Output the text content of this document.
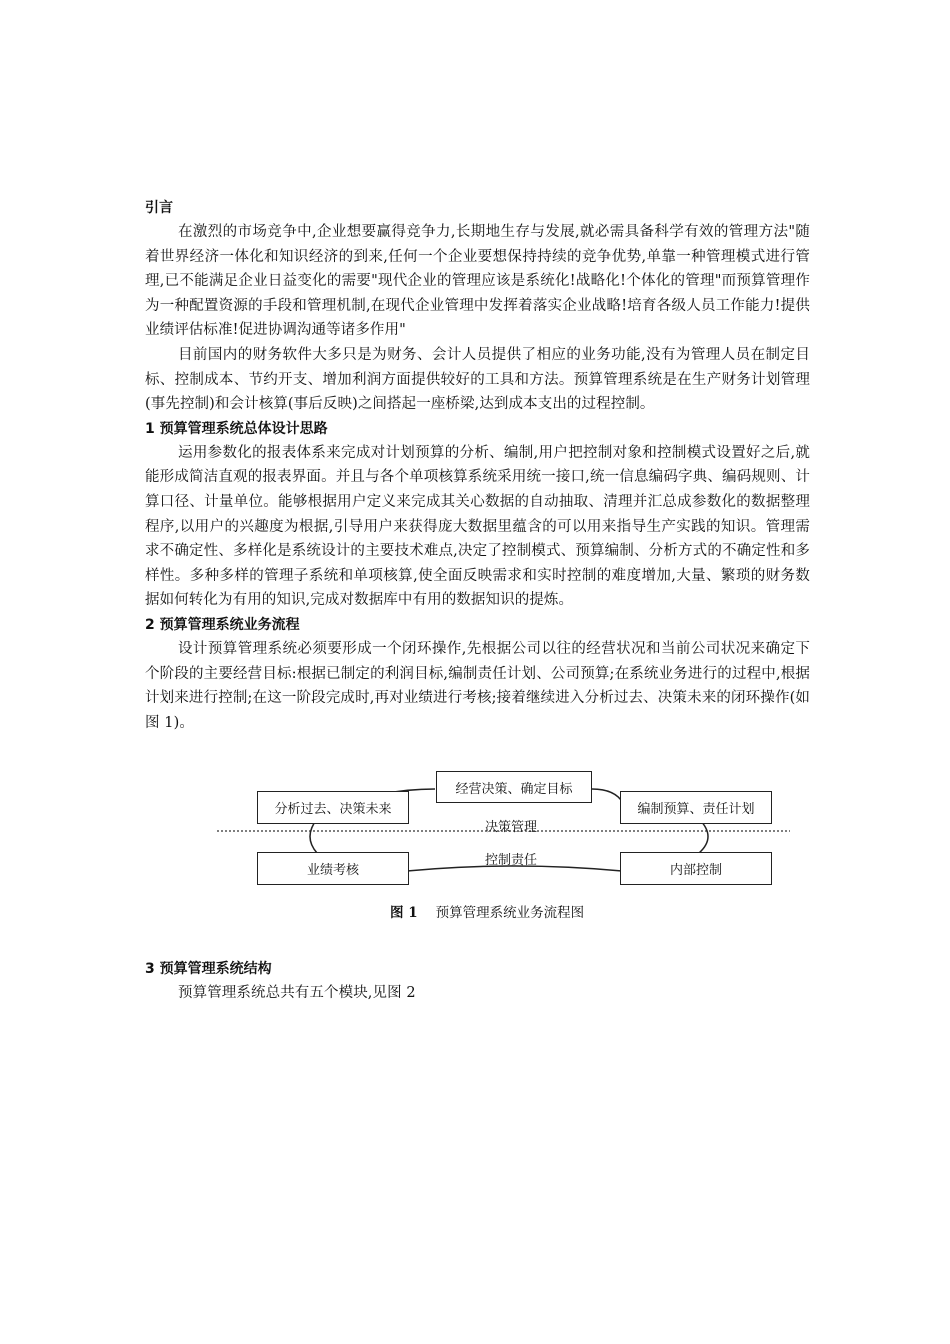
引言

在激烈的市场竞争中,企业想要赢得竞争力,长期地生存与发展,就必需具备科学有效的管理方法"随着世界经济一体化和知识经济的到来,任何一个企业要想保持持续的竞争优势,单靠一种管理模式进行管理,已不能满足企业日益变化的需要"现代企业的管理应该是系统化!战略化!个体化的管理"而预算管理作为一种配置资源的手段和管理机制,在现代企业管理中发挥着落实企业战略!培育各级人员工作能力!提供业绩评估标准!促进协调沟通等诸多作用"

目前国内的财务软件大多只是为财务、会计人员提供了相应的业务功能,没有为管理人员在制定目标、控制成本、节约开支、增加利润方面提供较好的工具和方法。预算管理系统是在生产财务计划管理(事先控制)和会计核算(事后反映)之间搭起一座桥梁,达到成本支出的过程控制。

1 预算管理系统总体设计思路

运用参数化的报表体系来完成对计划预算的分析、编制,用户把控制对象和控制模式设置好之后,就能形成简洁直观的报表界面。并且与各个单项核算系统采用统一接口,统一信息编码字典、编码规则、计算口径、计量单位。能够根据用户定义来完成其关心数据的自动抽取、清理并汇总成参数化的数据整理程序,以用户的兴趣度为根据,引导用户来获得庞大数据里蕴含的可以用来指导生产实践的知识。管理需求不确定性、多样化是系统设计的主要技术难点,决定了控制模式、预算编制、分析方式的不确定性和多样性。多种多样的管理子系统和单项核算,使全面反映需求和实时控制的难度增加,大量、繁琐的财务数据如何转化为有用的知识,完成对数据库中有用的数据知识的提炼。

2 预算管理系统业务流程

设计预算管理系统必须要形成一个闭环操作,先根据公司以往的经营状况和当前公司状况来确定下个阶段的主要经营目标:根据已制定的利润目标,编制责任计划、公司预算;在系统业务进行的过程中,根据计划来进行控制;在这一阶段完成时,再对业绩进行考核;接着继续进入分析过去、决策未来的闭环操作(如图 1)。

经营决策、确定目标
分析过去、决策未来	编制预算、责任计划
决策管理
控制责任
业绩考核	内部控制
图 1 预算管理系统业务流程图
3 预算管理系统结构

预算管理系统总共有五个模块,见图 2
